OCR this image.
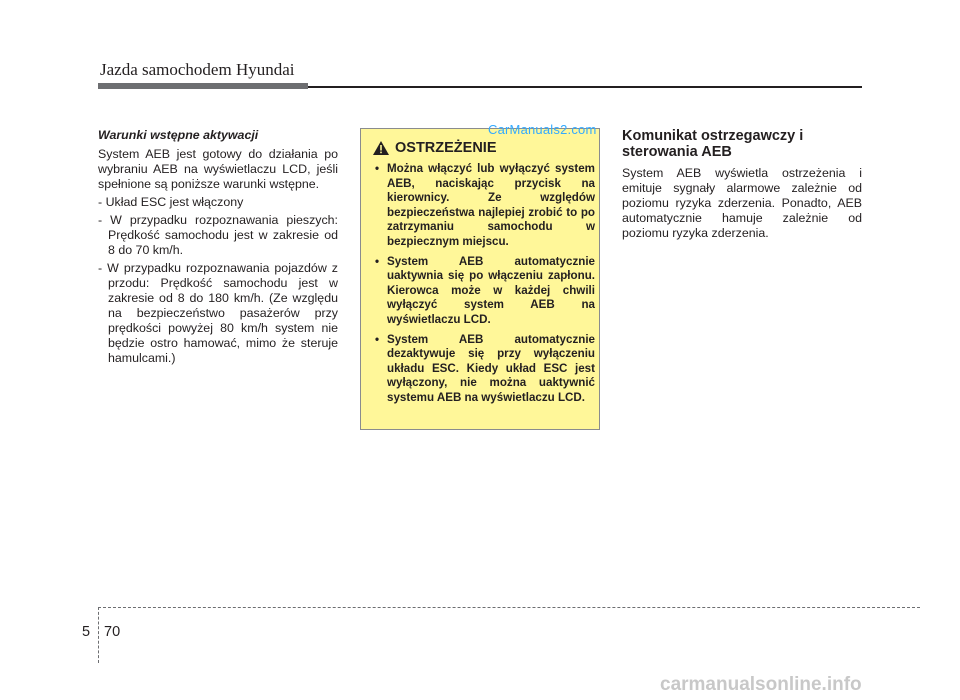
Jazda samochodem Hyundai
Warunki wstępne aktywacji

System AEB jest gotowy do działania po wybraniu AEB na wyświetlaczu LCD, jeśli spełnione są poniższe warunki wstępne.

- Układ ESC jest włączony

- W przypadku rozpoznawania pieszych: Prędkość samochodu jest w zakresie od 8 do 70 km/h.

- W przypadku rozpoznawania pojazdów z przodu: Prędkość samochodu jest w zakresie od 8 do 180 km/h. (Ze względu na bezpieczeństwo pasażerów przy prędkości powyżej 80 km/h system nie będzie ostro hamować, mimo że steruje hamulcami.)

OSTRZEŻENIE
• Można włączyć lub wyłączyć system AEB, naciskając przycisk na kierownicy. Ze względów bezpieczeństwa najlepiej zrobić to po zatrzymaniu samochodu w bezpiecznym miejscu.
• System AEB automatycznie uaktywnia się po włączeniu zapłonu. Kierowca może w każdej chwili wyłączyć system AEB na wyświetlaczu LCD.
• System AEB automatycznie dezaktywuje się przy wyłączeniu układu ESC. Kiedy układ ESC jest wyłączony, nie można uaktywnić systemu AEB na wyświetlaczu LCD.
CarManuals2.com Komunikat ostrzegawczy i sterowania AEB

System AEB wyświetla ostrzeżenia i emituje sygnały alarmowe zależnie od poziomu ryzyka zderzenia. Ponadto, AEB automatycznie hamuje zależnie od poziomu ryzyka zderzenia.

5 70
carmanualsonline.info
